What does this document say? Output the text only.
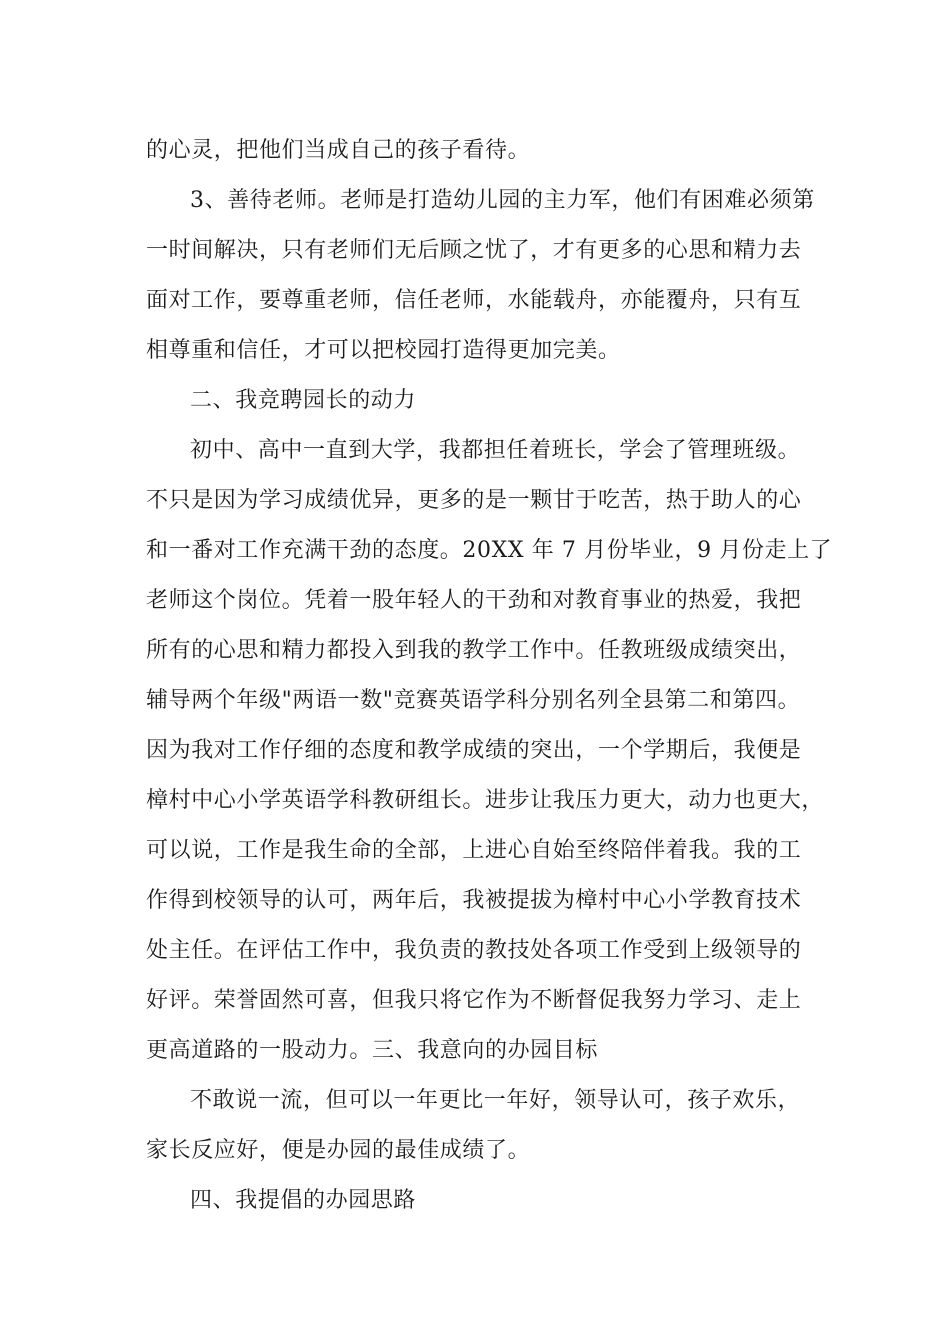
的心灵，把他们当成自己的孩子看待。
3、善待老师。老师是打造幼儿园的主力军，他们有困难必须第
一时间解决，只有老师们无后顾之忧了，才有更多的心思和精力去
面对工作，要尊重老师，信任老师，水能载舟，亦能覆舟，只有互
相尊重和信任，才可以把校园打造得更加完美。
二、我竞聘园长的动力
初中、高中一直到大学，我都担任着班长，学会了管理班级。
不只是因为学习成绩优异，更多的是一颗甘于吃苦，热于助人的心
和一番对工作充满干劲的态度。20XX 年 7 月份毕业，9 月份走上了
老师这个岗位。凭着一股年轻人的干劲和对教育事业的热爱，我把
所有的心思和精力都投入到我的教学工作中。任教班级成绩突出，
辅导两个年级"两语一数"竞赛英语学科分别名列全县第二和第四。
因为我对工作仔细的态度和教学成绩的突出，一个学期后，我便是
樟村中心小学英语学科教研组长。进步让我压力更大，动力也更大，
可以说，工作是我生命的全部，上进心自始至终陪伴着我。我的工
作得到校领导的认可，两年后，我被提拔为樟村中心小学教育技术
处主任。在评估工作中，我负责的教技处各项工作受到上级领导的
好评。荣誉固然可喜，但我只将它作为不断督促我努力学习、走上
更高道路的一股动力。三、我意向的办园目标
不敢说一流，但可以一年更比一年好，领导认可，孩子欢乐，
家长反应好，便是办园的最佳成绩了。
四、我提倡的办园思路
